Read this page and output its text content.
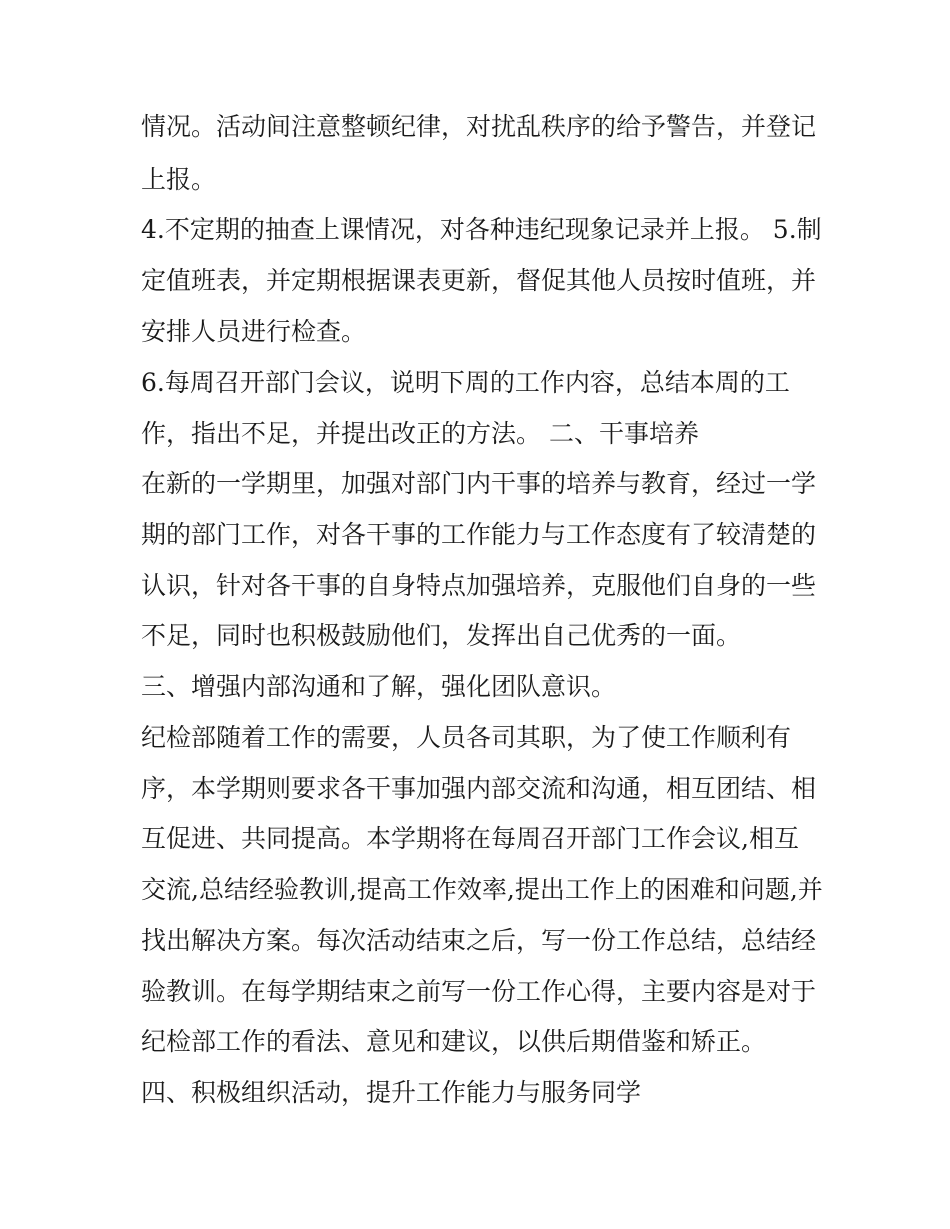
情况。活动间注意整顿纪律，对扰乱秩序的给予警告，并登记
上报。
4.不定期的抽查上课情况，对各种违纪现象记录并上报。 5.制
定值班表，并定期根据课表更新，督促其他人员按时值班，并
安排人员进行检查。
6.每周召开部门会议，说明下周的工作内容，总结本周的工
作，指出不足，并提出改正的方法。 二、干事培养
在新的一学期里，加强对部门内干事的培养与教育，经过一学
期的部门工作，对各干事的工作能力与工作态度有了较清楚的
认识，针对各干事的自身特点加强培养，克服他们自身的一些
不足，同时也积极鼓励他们，发挥出自己优秀的一面。
三、增强内部沟通和了解，强化团队意识。
纪检部随着工作的需要，人员各司其职，为了使工作顺利有
序，本学期则要求各干事加强内部交流和沟通，相互团结、相
互促进、共同提高。本学期将在每周召开部门工作会议,相互
交流,总结经验教训,提高工作效率,提出工作上的困难和问题,并
找出解决方案。每次活动结束之后，写一份工作总结，总结经
验教训。在每学期结束之前写一份工作心得，主要内容是对于
纪检部工作的看法、意见和建议，以供后期借鉴和矫正。
四、积极组织活动，提升工作能力与服务同学
